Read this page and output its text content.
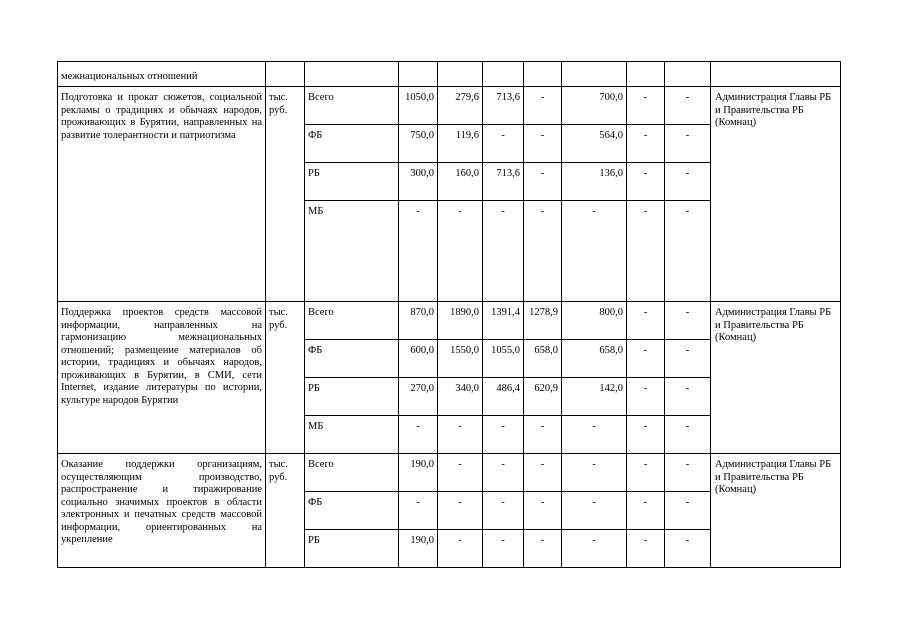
межнациональных отношений										
Подготовка и прокат сюжетов, социальной рекламы о традициях и обычаях народов, проживающих в Бурятии, направленных на развитие толерантности и патриотизма	тыс. руб.	Всего	1050,0	279,6	713,6	-	700,0	-	-	Администрация Главы РБ и Правительства РБ (Комнац)
		ФБ	750,0	119,6	-	-	564,0	-	-	
		РБ	300,0	160,0	713,6	-	136,0	-	-	
		МБ	-	-	-	-	-	-	-	
Поддержка проектов средств массовой информации, направленных на гармонизацию межнациональных отношений; размещение материалов об истории, традициях и обычаях народов, проживающих в Бурятии, в СМИ, сети Internet, издание литературы по истории, культуре народов Бурятии	тыс. руб.	Всего	870,0	1890,0	1391,4	1278,9	800,0	-	-	Администрация Главы РБ и Правительства РБ (Комнац)
		ФБ	600,0	1550,0	1055,0	658,0	658,0	-	-	
		РБ	270,0	340,0	486,4	620,9	142,0	-	-	
		МБ	-	-	-	-	-	-	-	
Оказание поддержки организациям, осуществляющим производство, распространение и тиражирование социально значимых проектов в области электронных и печатных средств массовой информации, ориентированных на укрепление	тыс. руб.	Всего	190,0	-	-	-	-	-	-	Администрация Главы РБ и Правительства РБ (Комнац)
		ФБ	-	-	-	-	-	-	-	
		РБ	190,0	-	-	-	-	-	-	
